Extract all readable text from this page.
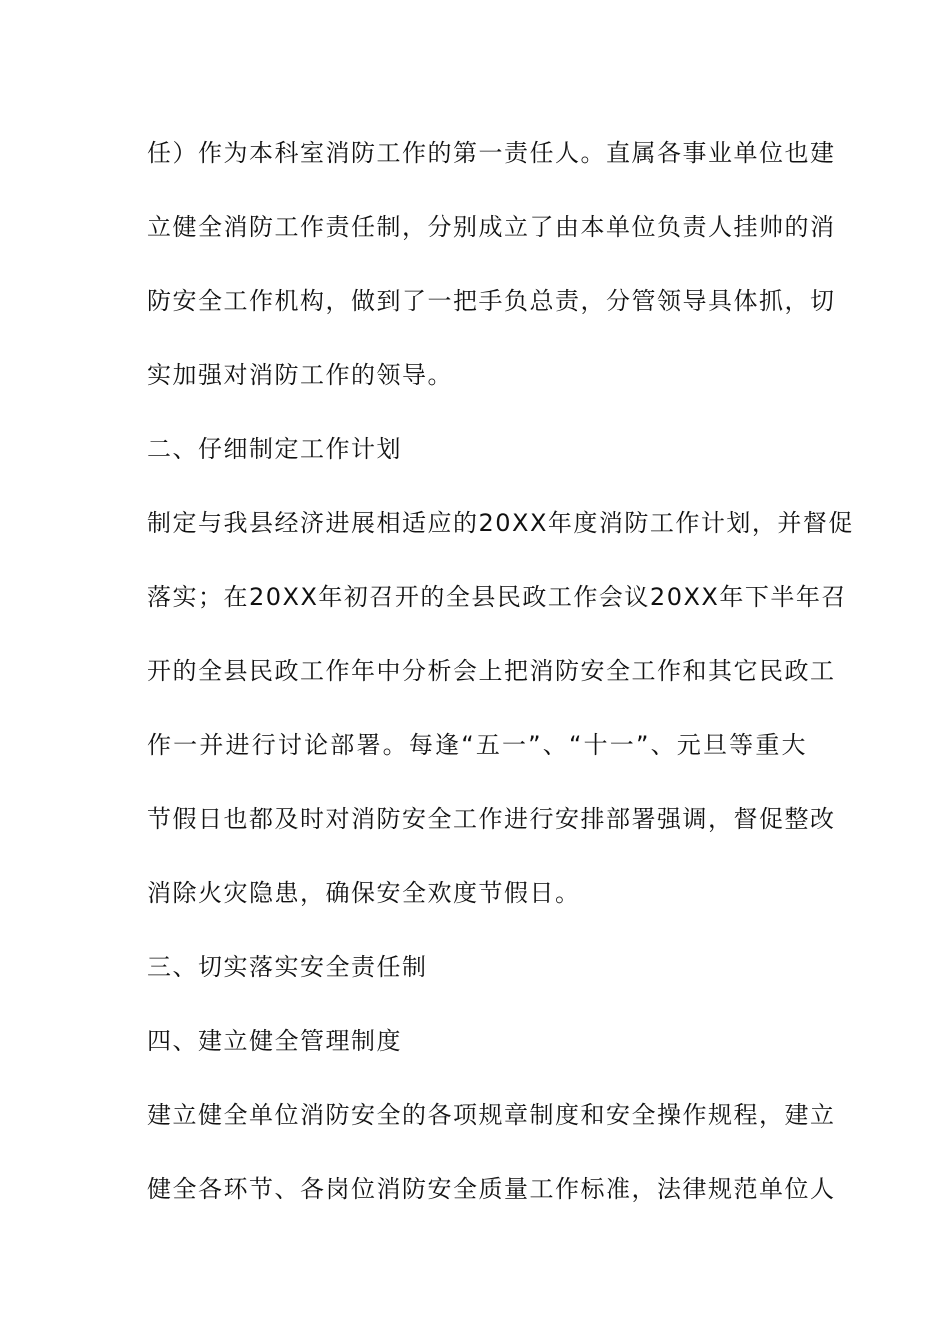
任）作为本科室消防工作的第一责任人。直属各事业单位也建
立健全消防工作责任制，分别成立了由本单位负责人挂帅的消
防安全工作机构，做到了一把手负总责，分管领导具体抓，切
实加强对消防工作的领导。
二、仔细制定工作计划
制定与我县经济进展相适应的20XX年度消防工作计划，并督促
落实；在20XX年初召开的全县民政工作会议20XX年下半年召
开的全县民政工作年中分析会上把消防安全工作和其它民政工
作一并进行讨论部署。每逢“五一”、“十一”、元旦等重大
节假日也都及时对消防安全工作进行安排部署强调，督促整改
消除火灾隐患，确保安全欢度节假日。
三、切实落实安全责任制
四、建立健全管理制度
建立健全单位消防安全的各项规章制度和安全操作规程，建立
健全各环节、各岗位消防安全质量工作标准，法律规范单位人
